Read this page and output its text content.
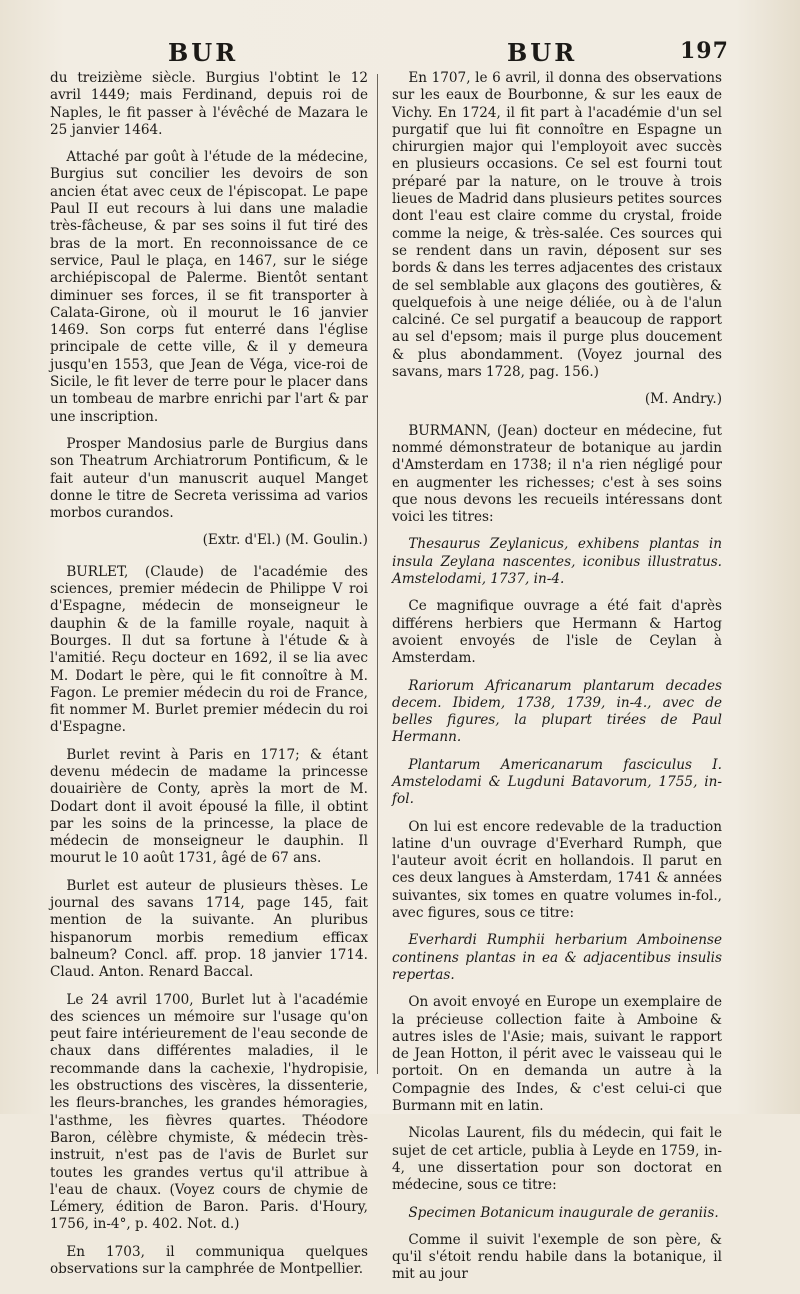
BUR	BUR	197

du treizième siècle. Burgius l'obtint le 12 avril 1449; mais Ferdinand, depuis roi de Naples, le fit passer à l'évêché de Mazara le 25 janvier 1464.

Attaché par goût à l'étude de la médecine, Burgius sut concilier les devoirs de son ancien état avec ceux de l'épiscopat. Le pape Paul II eut recours à lui dans une maladie très-fâcheuse, & par ses soins il fut tiré des bras de la mort. En reconnoissance de ce service, Paul le plaça, en 1467, sur le siége archiépiscopal de Palerme. Bientôt sentant diminuer ses forces, il se fit transporter à Calata-Girone, où il mourut le 16 janvier 1469. Son corps fut enterré dans l'église principale de cette ville, & il y demeura jusqu'en 1553, que Jean de Véga, vice-roi de Sicile, le fit lever de terre pour le placer dans un tombeau de marbre enrichi par l'art & par une inscription.

Prosper Mandosius parle de Burgius dans son Theatrum Archiatrorum Pontificum, & le fait auteur d'un manuscrit auquel Manget donne le titre de Secreta verissima ad varios morbos curandos.

(Extr. d'El.) (M. Goulin.)

BURLET, (Claude) de l'académie des sciences, premier médecin de Philippe V roi d'Espagne, médecin de monseigneur le dauphin & de la famille royale, naquit à Bourges. Il dut sa fortune à l'étude & à l'amitié. Reçu docteur en 1692, il se lia avec M. Dodart le père, qui le fit connoître à M. Fagon. Le premier médecin du roi de France, fit nommer M. Burlet premier médecin du roi d'Espagne.

Burlet revint à Paris en 1717; & étant devenu médecin de madame la princesse douairière de Conty, après la mort de M. Dodart dont il avoit épousé la fille, il obtint par les soins de la princesse, la place de médecin de monseigneur le dauphin. Il mourut le 10 août 1731, âgé de 67 ans.

Burlet est auteur de plusieurs thèses. Le journal des savans 1714, page 145, fait mention de la suivante. An pluribus hispanorum morbis remedium efficax balneum? Concl. aff. prop. 18 janvier 1714. Claud. Anton. Renard Baccal.

Le 24 avril 1700, Burlet lut à l'académie des sciences un mémoire sur l'usage qu'on peut faire intérieurement de l'eau seconde de chaux dans différentes maladies, il le recommande dans la cachexie, l'hydropisie, les obstructions des viscères, la dissenterie, les fleurs-branches, les grandes hémoragies, l'asthme, les fièvres quartes. Théodore Baron, célèbre chymiste, & médecin très-instruit, n'est pas de l'avis de Burlet sur toutes les grandes vertus qu'il attribue à l'eau de chaux. (Voyez cours de chymie de Lémery, édition de Baron. Paris. d'Houry, 1756, in-4°, p. 402. Not. d.)

En 1703, il communiqua quelques observations sur la camphrée de Montpellier.

En 1707, le 6 avril, il donna des observations sur les eaux de Bourbonne, & sur les eaux de Vichy. En 1724, il fit part à l'académie d'un sel purgatif que lui fit connoître en Espagne un chirurgien major qui l'employoit avec succès en plusieurs occasions. Ce sel est fourni tout préparé par la nature, on le trouve à trois lieues de Madrid dans plusieurs petites sources dont l'eau est claire comme du crystal, froide comme la neige, & très-salée. Ces sources qui se rendent dans un ravin, déposent sur ses bords & dans les terres adjacentes des cristaux de sel semblable aux glaçons des goutières, & quelquefois à une neige déliée, ou à de l'alun calciné. Ce sel purgatif a beaucoup de rapport au sel d'epsom; mais il purge plus doucement & plus abondamment. (Voyez journal des savans, mars 1728, pag. 156.)

(M. Andry.)

BURMANN, (Jean) docteur en médecine, fut nommé démonstrateur de botanique au jardin d'Amsterdam en 1738; il n'a rien négligé pour en augmenter les richesses; c'est à ses soins que nous devons les recueils intéressans dont voici les titres:

Thesaurus Zeylanicus, exhibens plantas in insula Zeylana nascentes, iconibus illustratus. Amstelodami, 1737, in-4.

Ce magnifique ouvrage a été fait d'après différens herbiers que Hermann & Hartog avoient envoyés de l'isle de Ceylan à Amsterdam.

Rariorum Africanarum plantarum decades decem. Ibidem, 1738, 1739, in-4., avec de belles figures, la plupart tirées de Paul Hermann.

Plantarum Americanarum fasciculus I. Amstelodami & Lugduni Batavorum, 1755, in-fol.

On lui est encore redevable de la traduction latine d'un ouvrage d'Everhard Rumph, que l'auteur avoit écrit en hollandois. Il parut en ces deux langues à Amsterdam, 1741 & années suivantes, six tomes en quatre volumes in-fol., avec figures, sous ce titre:

Everhardi Rumphii herbarium Amboinense continens plantas in ea & adjacentibus insulis repertas.

On avoit envoyé en Europe un exemplaire de la précieuse collection faite à Amboine & autres isles de l'Asie; mais, suivant le rapport de Jean Hotton, il périt avec le vaisseau qui le portoit. On en demanda un autre à la Compagnie des Indes, & c'est celui-ci que Burmann mit en latin.

Nicolas Laurent, fils du médecin, qui fait le sujet de cet article, publia à Leyde en 1759, in-4, une dissertation pour son doctorat en médecine, sous ce titre:

Specimen Botanicum inaugurale de geraniis.

Comme il suivit l'exemple de son père, & qu'il s'étoit rendu habile dans la botanique, il mit au jour
